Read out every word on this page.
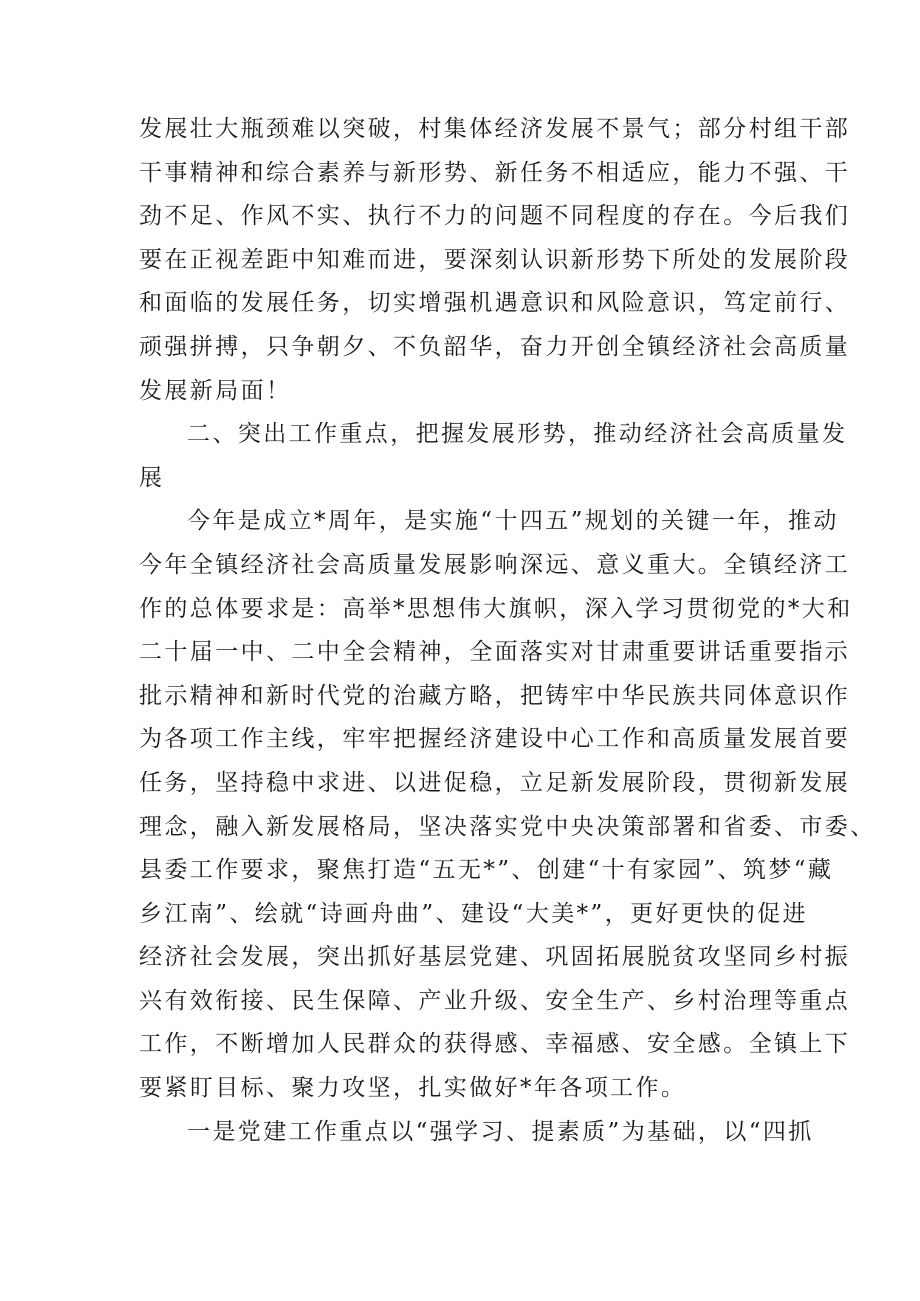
发展壮大瓶颈难以突破，村集体经济发展不景气；部分村组干部
干事精神和综合素养与新形势、新任务不相适应，能力不强、干
劲不足、作风不实、执行不力的问题不同程度的存在。今后我们
要在正视差距中知难而进，要深刻认识新形势下所处的发展阶段
和面临的发展任务，切实增强机遇意识和风险意识，笃定前行、
顽强拼搏，只争朝夕、不负韶华，奋力开创全镇经济社会高质量
发展新局面！
二、突出工作重点，把握发展形势，推动经济社会高质量发
展
今年是成立*周年，是实施“十四五”规划的关键一年，推动
今年全镇经济社会高质量发展影响深远、意义重大。全镇经济工
作的总体要求是：高举*思想伟大旗帜，深入学习贯彻党的*大和
二十届一中、二中全会精神，全面落实对甘肃重要讲话重要指示
批示精神和新时代党的治藏方略，把铸牢中华民族共同体意识作
为各项工作主线，牢牢把握经济建设中心工作和高质量发展首要
任务，坚持稳中求进、以进促稳，立足新发展阶段，贯彻新发展
理念，融入新发展格局，坚决落实党中央决策部署和省委、市委、
县委工作要求，聚焦打造“五无*”、创建“十有家园”、筑梦“藏
乡江南”、绘就“诗画舟曲”、建设“大美*”，更好更快的促进
经济社会发展，突出抓好基层党建、巩固拓展脱贫攻坚同乡村振
兴有效衔接、民生保障、产业升级、安全生产、乡村治理等重点
工作，不断增加人民群众的获得感、幸福感、安全感。全镇上下
要紧盯目标、聚力攻坚，扎实做好*年各项工作。
一是党建工作重点以“强学习、提素质”为基础，以“四抓
